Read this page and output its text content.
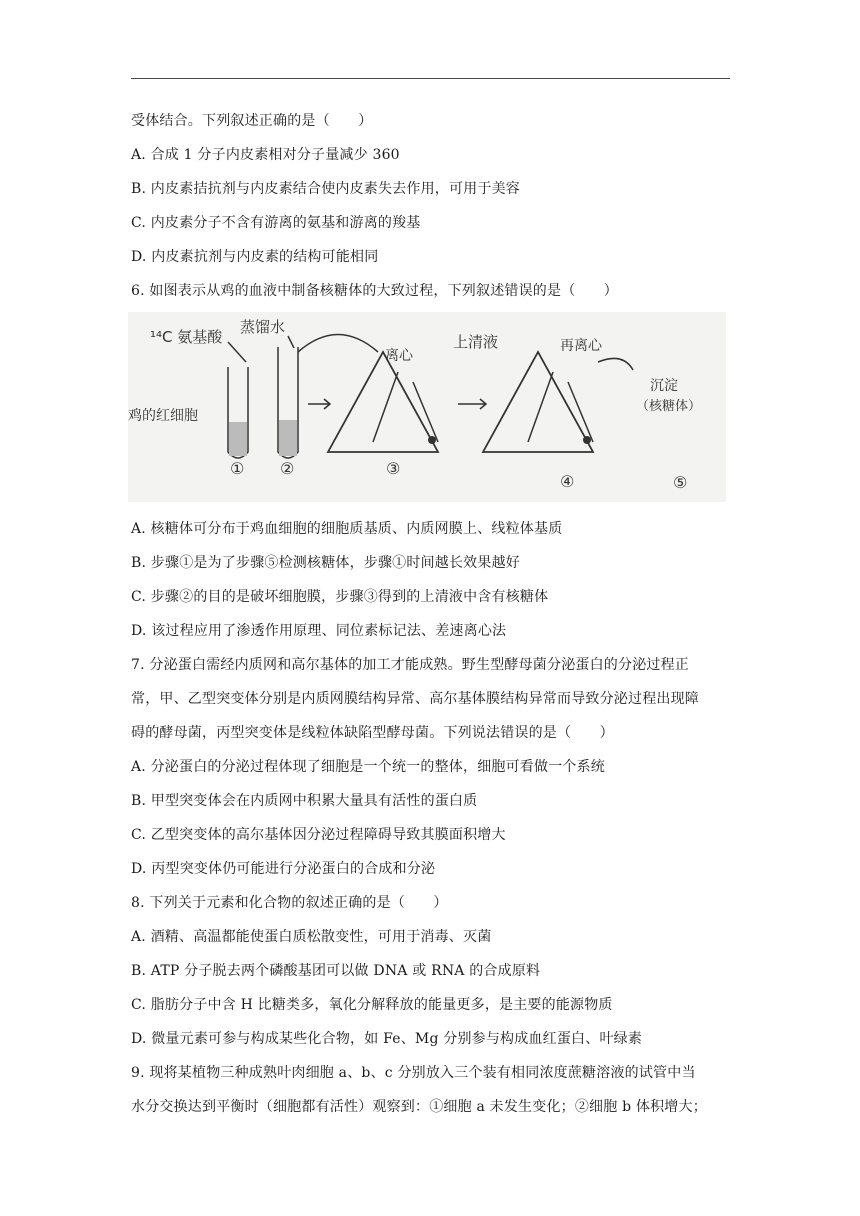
受体结合。下列叙述正确的是（　　）
A. 合成 1 分子内皮素相对分子量减少 360
B. 内皮素拮抗剂与内皮素结合使内皮素失去作用，可用于美容
C. 内皮素分子不含有游离的氨基和游离的羧基
D. 内皮素抗剂与内皮素的结构可能相同
6. 如图表示从鸡的血液中制备核糖体的大致过程，下列叙述错误的是（　　）
A. 核糖体可分布于鸡血细胞的细胞质基质、内质网膜上、线粒体基质
B. 步骤①是为了步骤⑤检测核糖体，步骤①时间越长效果越好
C. 步骤②的目的是破坏细胞膜，步骤③得到的上清液中含有核糖体
D. 该过程应用了渗透作用原理、同位素标记法、差速离心法
7. 分泌蛋白需经内质网和高尔基体的加工才能成熟。野生型酵母菌分泌蛋白的分泌过程正
常，甲、乙型突变体分别是内质网膜结构异常、高尔基体膜结构异常而导致分泌过程出现障
碍的酵母菌，丙型突变体是线粒体缺陷型酵母菌。下列说法错误的是（　　）
A. 分泌蛋白的分泌过程体现了细胞是一个统一的整体，细胞可看做一个系统
B. 甲型突变体会在内质网中积累大量具有活性的蛋白质
C. 乙型突变体的高尔基体因分泌过程障碍导致其膜面积增大
D. 丙型突变体仍可能进行分泌蛋白的合成和分泌
8. 下列关于元素和化合物的叙述正确的是（　　）
A. 酒精、高温都能使蛋白质松散变性，可用于消毒、灭菌
B. ATP 分子脱去两个磷酸基团可以做 DNA 或 RNA 的合成原料
C. 脂肪分子中含 H 比糖类多，氧化分解释放的能量更多，是主要的能源物质
D. 微量元素可参与构成某些化合物，如 Fe、Mg 分别参与构成血红蛋白、叶绿素
9. 现将某植物三种成熟叶肉细胞 a、b、c 分别放入三个装有相同浓度蔗糖溶液的试管中当
水分交换达到平衡时（细胞都有活性）观察到：①细胞 a 未发生变化；②细胞 b 体积增大；
¹⁴C 氨基酸
蒸馏水
鸡的红细胞
① ②
离心
③
上清液	再离心
④
沉淀
（核糖体）
⑤
